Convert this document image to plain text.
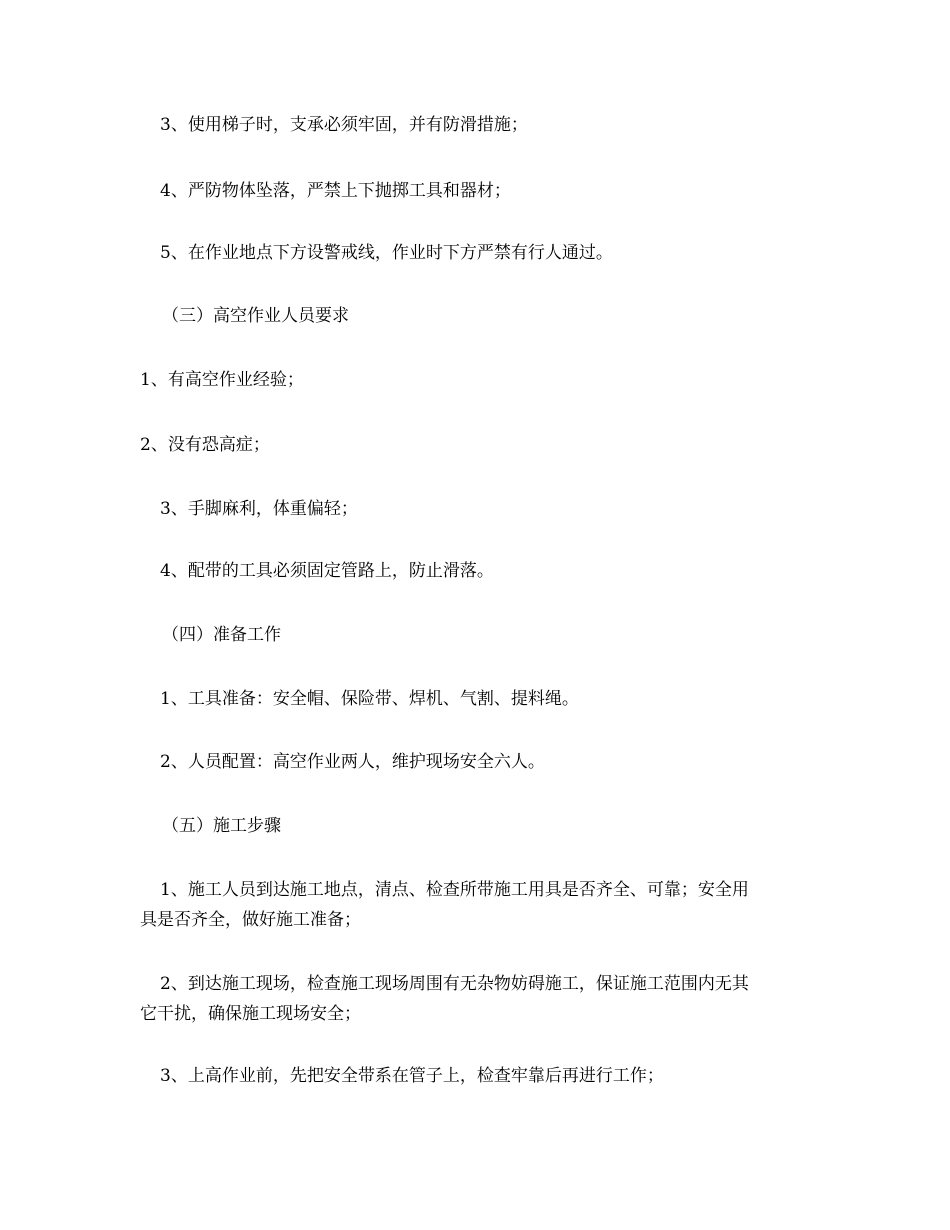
3、使用梯子时，支承必须牢固，并有防滑措施；
4、严防物体坠落，严禁上下抛掷工具和器材；
5、在作业地点下方设警戒线，作业时下方严禁有行人通过。
（三）高空作业人员要求
1、有高空作业经验；
2、没有恐高症；
3、手脚麻利，体重偏轻；
4、配带的工具必须固定管路上，防止滑落。
（四）准备工作
1、工具准备：安全帽、保险带、焊机、气割、提料绳。
2、人员配置：高空作业两人，维护现场安全六人。
（五）施工步骤
1、施工人员到达施工地点，清点、检查所带施工用具是否齐全、可靠；安全用
具是否齐全，做好施工准备；
2、到达施工现场，检查施工现场周围有无杂物妨碍施工，保证施工范围内无其
它干扰，确保施工现场安全；
3、上高作业前，先把安全带系在管子上，检查牢靠后再进行工作；
